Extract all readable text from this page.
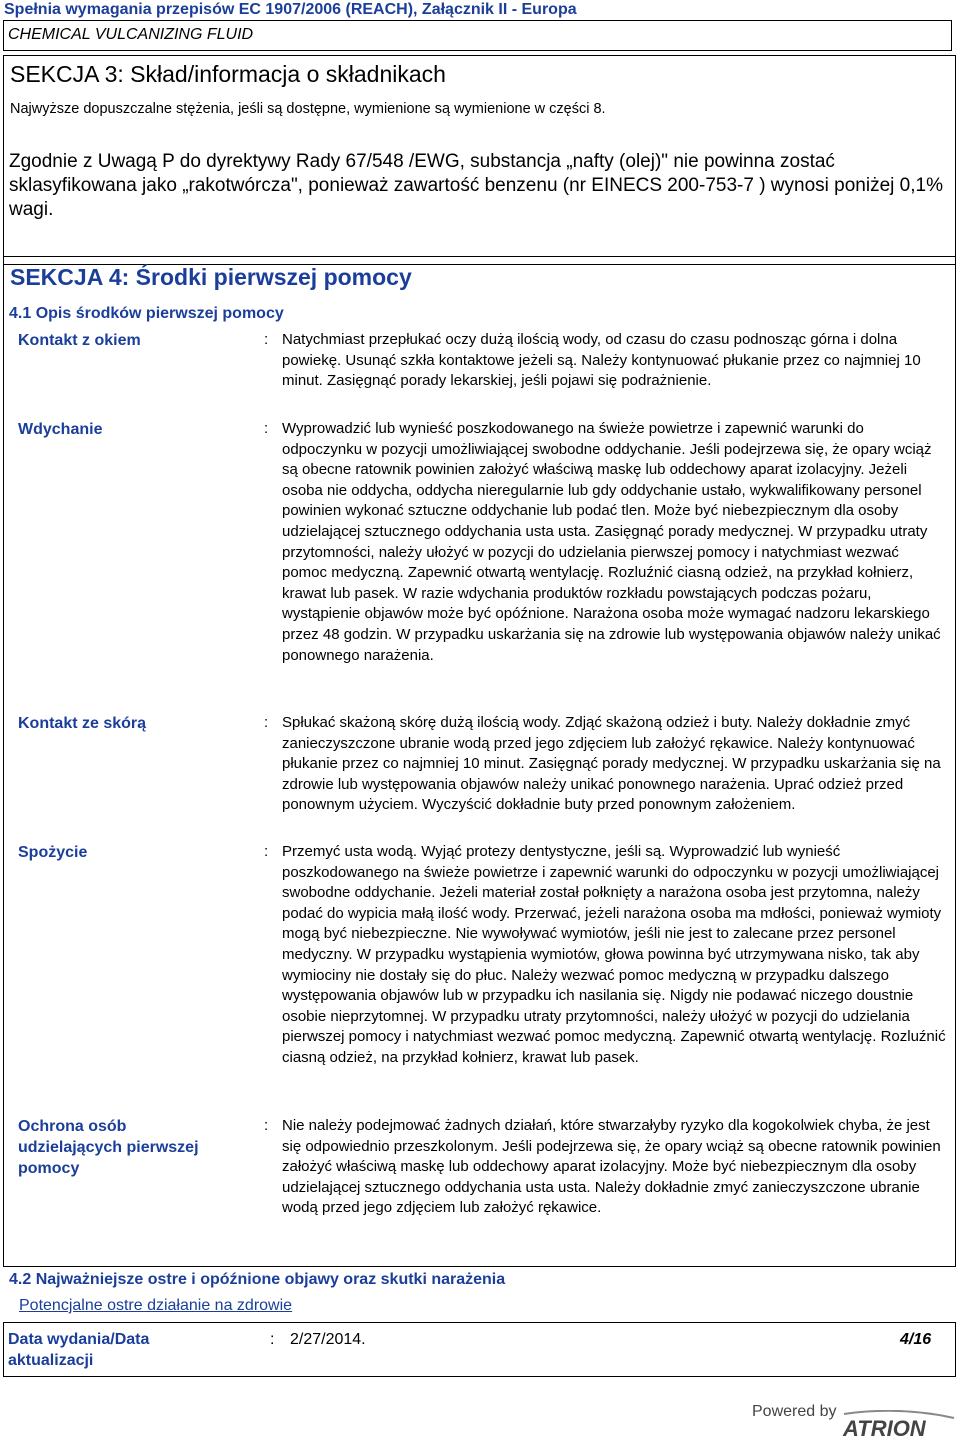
Spełnia wymagania przepisów EC 1907/2006 (REACH), Załącznik II - Europa
CHEMICAL VULCANIZING FLUID
SEKCJA 3: Skład/informacja o składnikach
Najwyższe dopuszczalne stężenia, jeśli są dostępne, wymienione są wymienione w części 8.
Zgodnie z Uwagą P do dyrektywy Rady 67/548 /EWG, substancja „nafty (olej)" nie powinna zostać sklasyfikowana jako „rakotwórcza", ponieważ zawartość benzenu (nr EINECS 200-753-7 ) wynosi poniżej 0,1% wagi.
SEKCJA 4: Środki pierwszej pomocy
4.1 Opis środków pierwszej pomocy
Kontakt z okiem	: Natychmiast przepłukać oczy dużą ilością wody, od czasu do czasu podnosząc górna i dolna powiekę. Usunąć szkła kontaktowe jeżeli są. Należy kontynuować płukanie przez co najmniej 10 minut. Zasięgnąć porady lekarskiej, jeśli pojawi się podrażnienie.
Wdychanie	: Wyprowadzić lub wynieść poszkodowanego na świeże powietrze i zapewnić warunki do odpoczynku w pozycji umożliwiającej swobodne oddychanie. Jeśli podejrzewa się, że opary wciąż są obecne ratownik powinien założyć właściwą maskę lub oddechowy aparat izolacyjny. Jeżeli osoba nie oddycha, oddycha nieregularnie lub gdy oddychanie ustało, wykwalifikowany personel powinien wykonać sztuczne oddychanie lub podać tlen. Może być niebezpiecznym dla osoby udzielającej sztucznego oddychania usta usta. Zasięgnąć porady medycznej. W przypadku utraty przytomności, należy ułożyć w pozycji do udzielania pierwszej pomocy i natychmiast wezwać pomoc medyczną. Zapewnić otwartą wentylację. Rozluźnić ciasną odzież, na przykład kołnierz, krawat lub pasek. W razie wdychania produktów rozkładu powstających podczas pożaru, wystąpienie objawów może być opóźnione. Narażona osoba może wymagać nadzoru lekarskiego przez 48 godzin. W przypadku uskarżania się na zdrowie lub występowania objawów należy unikać ponownego narażenia.
Kontakt ze skórą	: Spłukać skażoną skórę dużą ilością wody. Zdjąć skażoną odzież i buty. Należy dokładnie zmyć zanieczyszczone ubranie wodą przed jego zdjęciem lub założyć rękawice. Należy kontynuować płukanie przez co najmniej 10 minut. Zasięgnąć porady medycznej. W przypadku uskarżania się na zdrowie lub występowania objawów należy unikać ponownego narażenia. Uprać odzież przed ponownym użyciem. Wyczyścić dokładnie buty przed ponownym założeniem.
Spożycie	: Przemyć usta wodą. Wyjąć protezy dentystyczne, jeśli są. Wyprowadzić lub wynieść poszkodowanego na świeże powietrze i zapewnić warunki do odpoczynku w pozycji umożliwiającej swobodne oddychanie. Jeżeli materiał został połknięty a narażona osoba jest przytomna, należy podać do wypicia małą ilość wody. Przerwać, jeżeli narażona osoba ma mdłości, ponieważ wymioty mogą być niebezpieczne. Nie wywoływać wymiotów, jeśli nie jest to zalecane przez personel medyczny. W przypadku wystąpienia wymiotów, głowa powinna być utrzymywana nisko, tak aby wymiociny nie dostały się do płuc. Należy wezwać pomoc medyczną w przypadku dalszego występowania objawów lub w przypadku ich nasilania się. Nigdy nie podawać niczego doustnie osobie nieprzytomnej. W przypadku utraty przytomności, należy ułożyć w pozycji do udzielania pierwszej pomocy i natychmiast wezwać pomoc medyczną. Zapewnić otwartą wentylację. Rozluźnić ciasną odzież, na przykład kołnierz, krawat lub pasek.
Ochrona osób udzielających pierwszej pomocy
: Nie należy podejmować żadnych działań, które stwarzałyby ryzyko dla kogokolwiek chyba, że jest się odpowiednio przeszkolonym. Jeśli podejrzewa się, że opary wciąż są obecne ratownik powinien założyć właściwą maskę lub oddechowy aparat izolacyjny. Może być niebezpiecznym dla osoby udzielającej sztucznego oddychania usta usta. Należy dokładnie zmyć zanieczyszczone ubranie wodą przed jego zdjęciem lub założyć rękawice.
4.2 Najważniejsze ostre i opóźnione objawy oraz skutki narażenia
Potencjalne ostre działanie na zdrowie
Data wydania/Data aktualizacji
: 2/27/2014.	4/16
Powered by
ATRION
